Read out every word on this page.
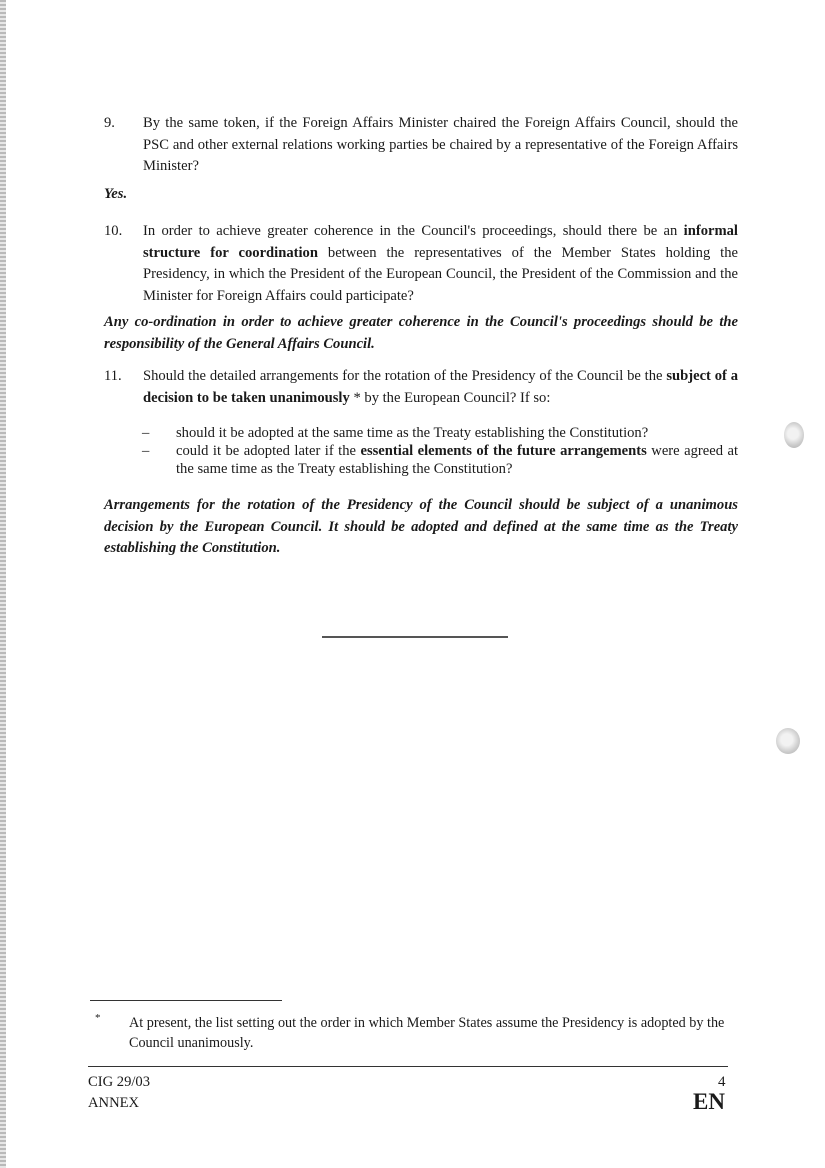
9. By the same token, if the Foreign Affairs Minister chaired the Foreign Affairs Council, should the PSC and other external relations working parties be chaired by a representative of the Foreign Affairs Minister?
Yes.
10. In order to achieve greater coherence in the Council's proceedings, should there be an informal structure for coordination between the representatives of the Member States holding the Presidency, in which the President of the European Council, the President of the Commission and the Minister for Foreign Affairs could participate?
Any co-ordination in order to achieve greater coherence in the Council's proceedings should be the responsibility of the General Affairs Council.
11. Should the detailed arrangements for the rotation of the Presidency of the Council be the subject of a decision to be taken unanimously * by the European Council? If so:
– should it be adopted at the same time as the Treaty establishing the Constitution?
– could it be adopted later if the essential elements of the future arrangements were agreed at the same time as the Treaty establishing the Constitution?
Arrangements for the rotation of the Presidency of the Council should be subject of a unanimous decision by the European Council. It should be adopted and defined at the same time as the Treaty establishing the Constitution.
* At present, the list setting out the order in which Member States assume the Presidency is adopted by the Council unanimously.
CIG 29/03
ANNEX
4
EN
